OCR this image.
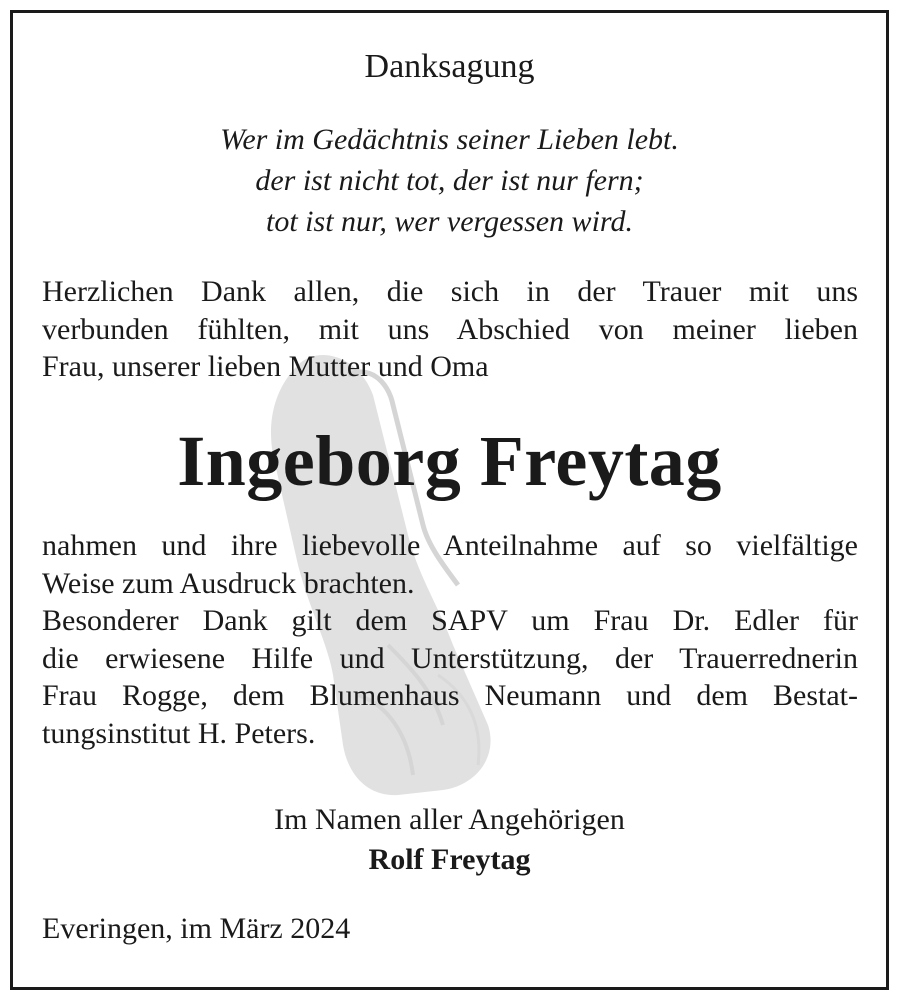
Danksagung
Wer im Gedächtnis seiner Lieben lebt.
der ist nicht tot, der ist nur fern;
tot ist nur, wer vergessen wird.
Herzlichen Dank allen, die sich in der Trauer mit uns
verbunden fühlten, mit uns Abschied von meiner lieben
Frau, unserer lieben Mutter und Oma
Ingeborg Freytag
nahmen und ihre liebevolle Anteilnahme auf so vielfältige
Weise zum Ausdruck brachten.
Besonderer Dank gilt dem SAPV um Frau Dr. Edler für
die erwiesene Hilfe und Unterstützung, der Trauerrednerin
Frau Rogge, dem Blumenhaus Neumann und dem Bestat-
tungsinstitut H. Peters.
Im Namen aller Angehörigen
Rolf Freytag
Everingen, im März 2024
